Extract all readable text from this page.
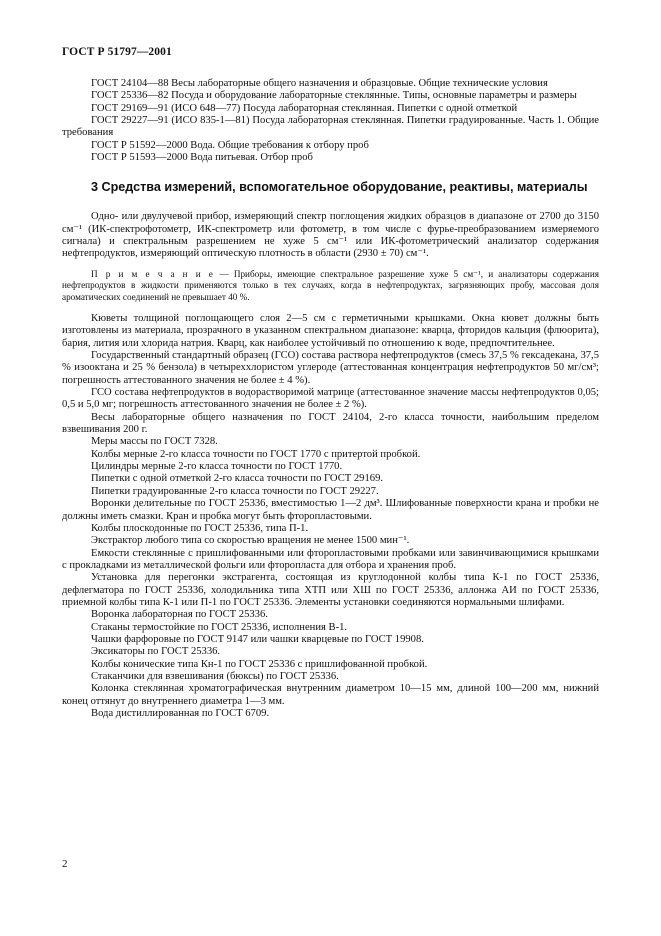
ГОСТ Р 51797—2001

ГОСТ 24104—88 Весы лабораторные общего назначения и образцовые. Общие технические условия

ГОСТ 25336—82 Посуда и оборудование лабораторные стеклянные. Типы, основные параметры и размеры

ГОСТ 29169—91 (ИСО 648—77) Посуда лабораторная стеклянная. Пипетки с одной отметкой

ГОСТ 29227—91 (ИСО 835-1—81) Посуда лабораторная стеклянная. Пипетки градуированные. Часть 1. Общие требования

ГОСТ Р 51592—2000 Вода. Общие требования к отбору проб

ГОСТ Р 51593—2000 Вода питьевая. Отбор проб

3 Средства измерений, вспомогательное оборудование, реактивы, материалы

Одно- или двулучевой прибор, измеряющий спектр поглощения жидких образцов в диапазоне от 2700 до 3150 см⁻¹ (ИК-спектрофотометр, ИК-спектрометр или фотометр, в том числе с фурье-преобразованием измеряемого сигнала) и спектральным разрешением не хуже 5 см⁻¹ или ИК-фотометрический анализатор содержания нефтепродуктов, измеряющий оптическую плотность в области (2930 ± 70) см⁻¹.

П р и м е ч а н и е — Приборы, имеющие спектральное разрешение хуже 5 см⁻¹, и анализаторы содержания нефтепродуктов в жидкости применяются только в тех случаях, когда в нефтепродуктах, загрязняющих пробу, массовая доля ароматических соединений не превышает 40 %.

Кюветы толщиной поглощающего слоя 2—5 см с герметичными крышками. Окна кювет должны быть изготовлены из материала, прозрачного в указанном спектральном диапазоне: кварца, фторидов кальция (флюорита), бария, лития или хлорида натрия. Кварц, как наиболее устойчивый по отношению к воде, предпочтительнее.

Государственный стандартный образец (ГСО) состава раствора нефтепродуктов (смесь 37,5 % гексадекана, 37,5 % изооктана и 25 % бензола) в четыреххлористом углероде (аттестованная концентрация нефтепродуктов 50 мг/см³; погрешность аттестованного значения не более ± 4 %).

ГСО состава нефтепродуктов в водорастворимой матрице (аттестованное значение массы нефтепродуктов 0,05; 0,5 и 5,0 мг; погрешность аттестованного значения не более ± 2 %).

Весы лабораторные общего назначения по ГОСТ 24104, 2-го класса точности, наибольшим пределом взвешивания 200 г.

Меры массы по ГОСТ 7328.

Колбы мерные 2-го класса точности по ГОСТ 1770 с притертой пробкой.

Цилиндры мерные 2-го класса точности по ГОСТ 1770.

Пипетки с одной отметкой 2-го класса точности по ГОСТ 29169.

Пипетки градуированные 2-го класса точности по ГОСТ 29227.

Воронки делительные по ГОСТ 25336, вместимостью 1—2 дм³. Шлифованные поверхности крана и пробки не должны иметь смазки. Кран и пробка могут быть фторопластовыми.

Колбы плоскодонные по ГОСТ 25336, типа П-1.

Экстрактор любого типа со скоростью вращения не менее 1500 мин⁻¹.

Емкости стеклянные с пришлифованными или фторопластовыми пробками или завинчивающимися крышками с прокладками из металлической фольги или фторопласта для отбора и хранения проб.

Установка для перегонки экстрагента, состоящая из круглодонной колбы типа К-1 по ГОСТ 25336, дефлегматора по ГОСТ 25336, холодильника типа ХТП или ХШ по ГОСТ 25336, аллонжа АИ по ГОСТ 25336, приемной колбы типа К-1 или П-1 по ГОСТ 25336. Элементы установки соединяются нормальными шлифами.

Воронка лабораторная по ГОСТ 25336.

Стаканы термостойкие по ГОСТ 25336, исполнения В-1.

Чашки фарфоровые по ГОСТ 9147 или чашки кварцевые по ГОСТ 19908.

Эксикаторы по ГОСТ 25336.

Колбы конические типа Кн-1 по ГОСТ 25336 с пришлифованной пробкой.

Стаканчики для взвешивания (бюксы) по ГОСТ 25336.

Колонка стеклянная хроматографическая внутренним диаметром 10—15 мм, длиной 100—200 мм, нижний конец оттянут до внутреннего диаметра 1—3 мм.

Вода дистиллированная по ГОСТ 6709.

2
